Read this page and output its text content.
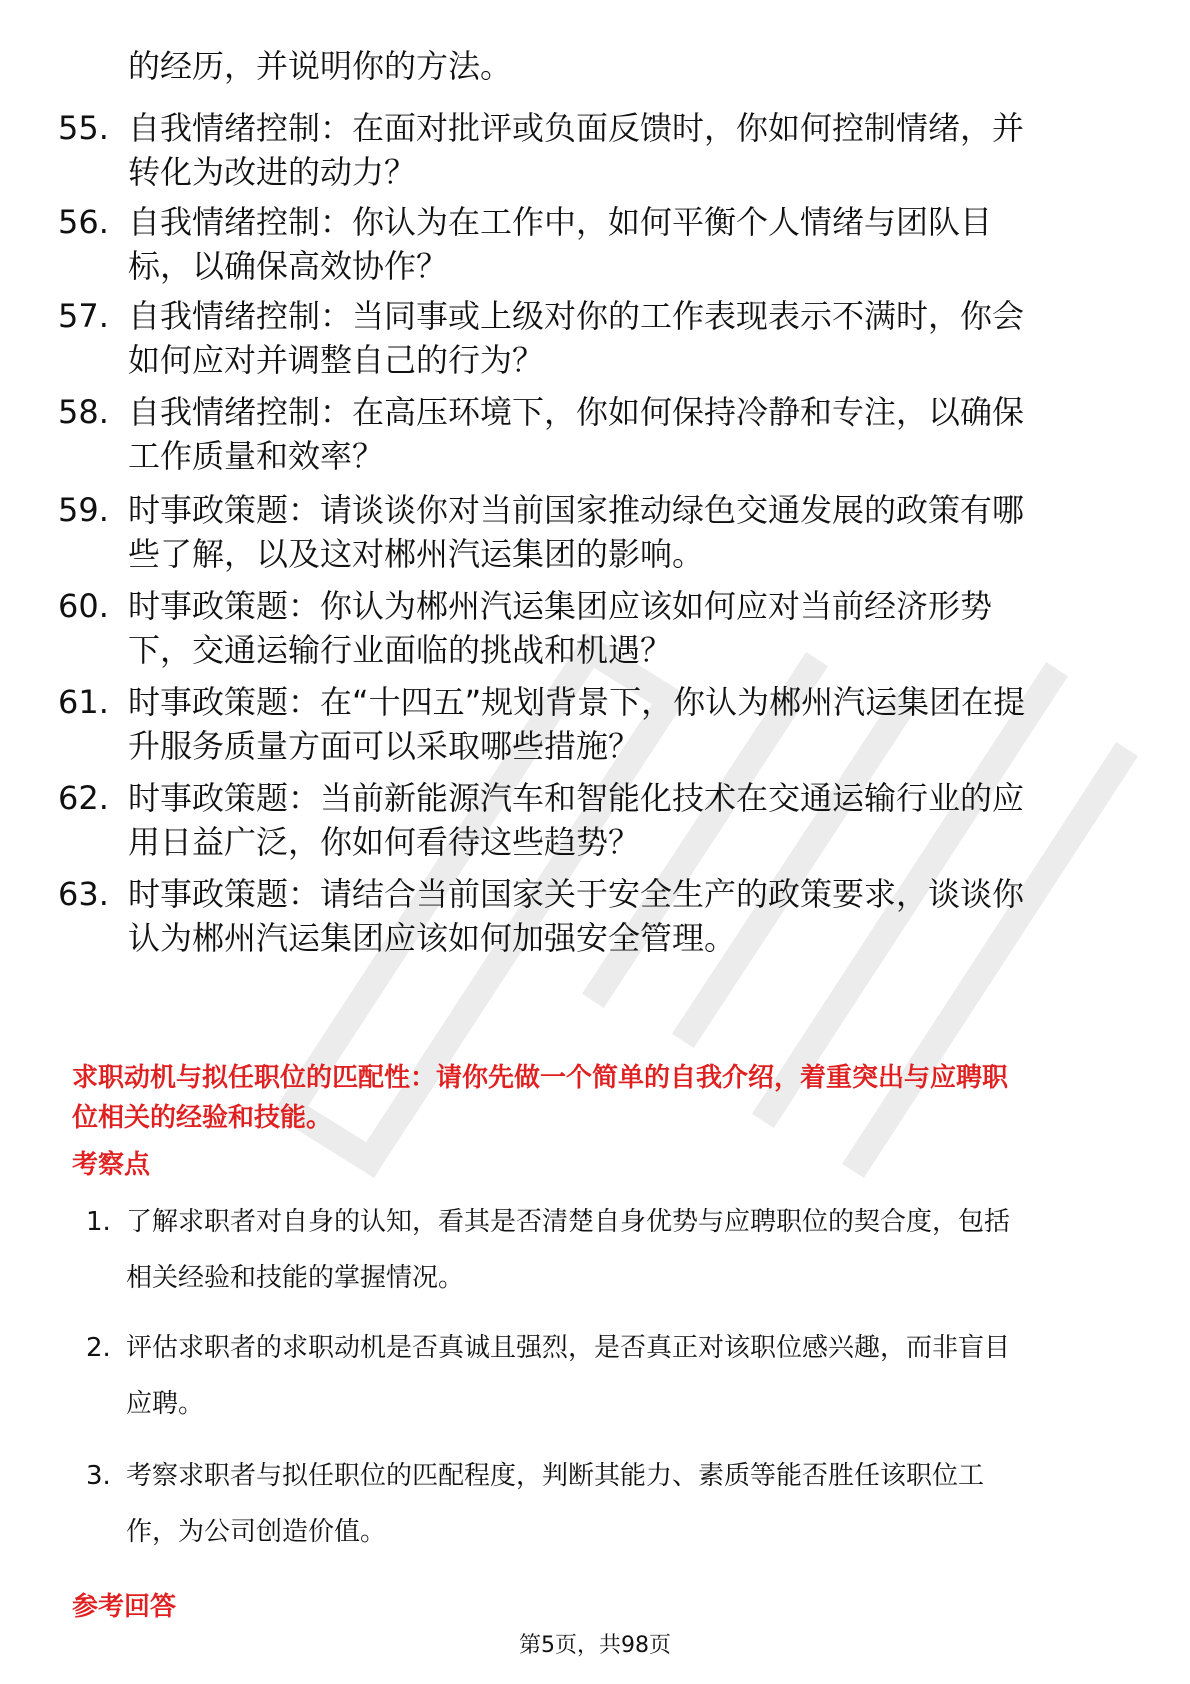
的经历，并说明你的方法。
55. 自我情绪控制：在面对批评或负面反馈时，你如何控制情绪，并
转化为改进的动力？
56. 自我情绪控制：你认为在工作中，如何平衡个人情绪与团队目
标，以确保高效协作？
57. 自我情绪控制：当同事或上级对你的工作表现表示不满时，你会
如何应对并调整自己的行为？
58. 自我情绪控制：在高压环境下，你如何保持冷静和专注，以确保
工作质量和效率？
59. 时事政策题：请谈谈你对当前国家推动绿色交通发展的政策有哪
些了解，以及这对郴州汽运集团的影响。
60. 时事政策题：你认为郴州汽运集团应该如何应对当前经济形势
下，交通运输行业面临的挑战和机遇？
61. 时事政策题：在“十四五”规划背景下，你认为郴州汽运集团在提
升服务质量方面可以采取哪些措施？
62. 时事政策题：当前新能源汽车和智能化技术在交通运输行业的应
用日益广泛，你如何看待这些趋势？
63. 时事政策题：请结合当前国家关于安全生产的政策要求，谈谈你
认为郴州汽运集团应该如何加强安全管理。
求职动机与拟任职位的匹配性：请你先做一个简单的自我介绍，着重突出与应聘职
位相关的经验和技能。
考察点
1. 了解求职者对自身的认知，看其是否清楚自身优势与应聘职位的契合度，包括
相关经验和技能的掌握情况。
2. 评估求职者的求职动机是否真诚且强烈，是否真正对该职位感兴趣，而非盲目
应聘。
3. 考察求职者与拟任职位的匹配程度，判断其能力、素质等能否胜任该职位工
作，为公司创造价值。
参考回答
第5页，共98页
